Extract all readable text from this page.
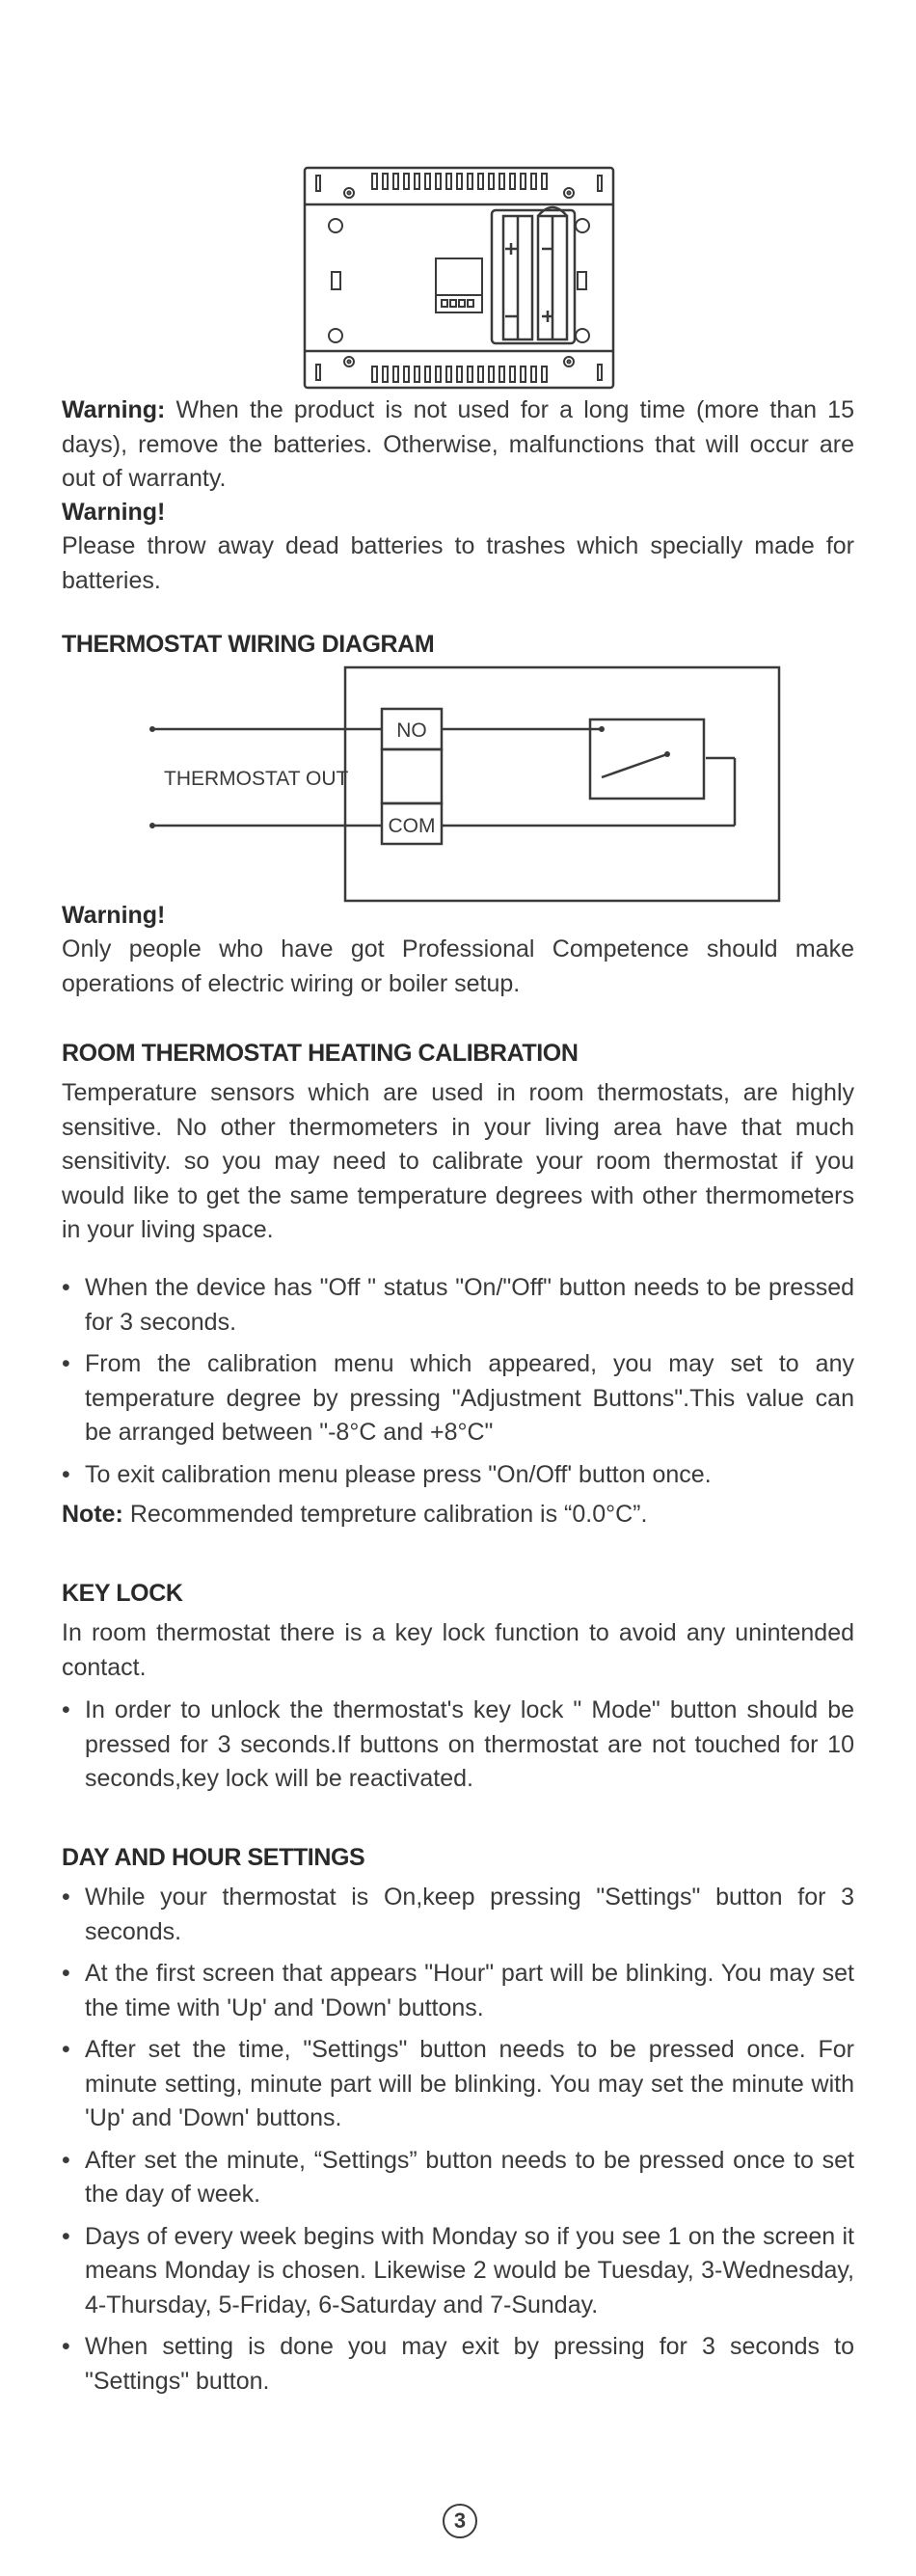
Warning: When the product is not used for a long time (more than 15 days), remove the batteries. Otherwise, malfunctions that will occur are out of warranty.
Warning!
Please throw away dead batteries to trashes which specially made for batteries.
THERMOSTAT WIRING DIAGRAM
THERMOSTAT OUT
NO
COM
Warning!
Only people who have got Professional Competence should make operations of electric wiring or boiler setup.
ROOM THERMOSTAT HEATING CALIBRATION
Temperature sensors which are used in room thermostats, are highly sensitive. No other thermometers in your living area have that much sensitivity. so you may need to calibrate your room thermostat if you would like to get the same temperature degrees with other thermometers in your living space.
• When the device has "Off " status "On/"Off" button needs to be pressed for 3 seconds.
• From the calibration menu which appeared, you may set to any temperature degree by pressing "Adjustment Buttons".This value can be arranged between "-8°C and +8°C"
• To exit calibration menu please press "On/Off' button once.
Note: Recommended tempreture calibration is “0.0°C”.
KEY LOCK
In room thermostat there is a key lock function to avoid any unintended contact.
• In order to unlock the thermostat's key lock " Mode" button should be pressed for 3 seconds.If buttons on thermostat are not touched for 10 seconds,key lock will be reactivated.
DAY AND HOUR SETTINGS
• While your thermostat is On,keep pressing "Settings" button for 3 seconds.
• At the first screen that appears "Hour" part will be blinking. You may set the time with 'Up' and 'Down' buttons.
• After set the time, "Settings" button needs to be pressed once. For minute setting, minute part will be blinking. You may set the minute with 'Up' and 'Down' buttons.
• After set the minute, “Settings” button needs to be pressed once to set the day of week.
• Days of every week begins with Monday so if you see 1 on the screen it means Monday is chosen. Likewise 2 would be Tuesday, 3-Wednesday, 4-Thursday, 5-Friday, 6-Saturday and 7-Sunday.
• When setting is done you may exit by pressing for 3 seconds to "Settings" button.
3
